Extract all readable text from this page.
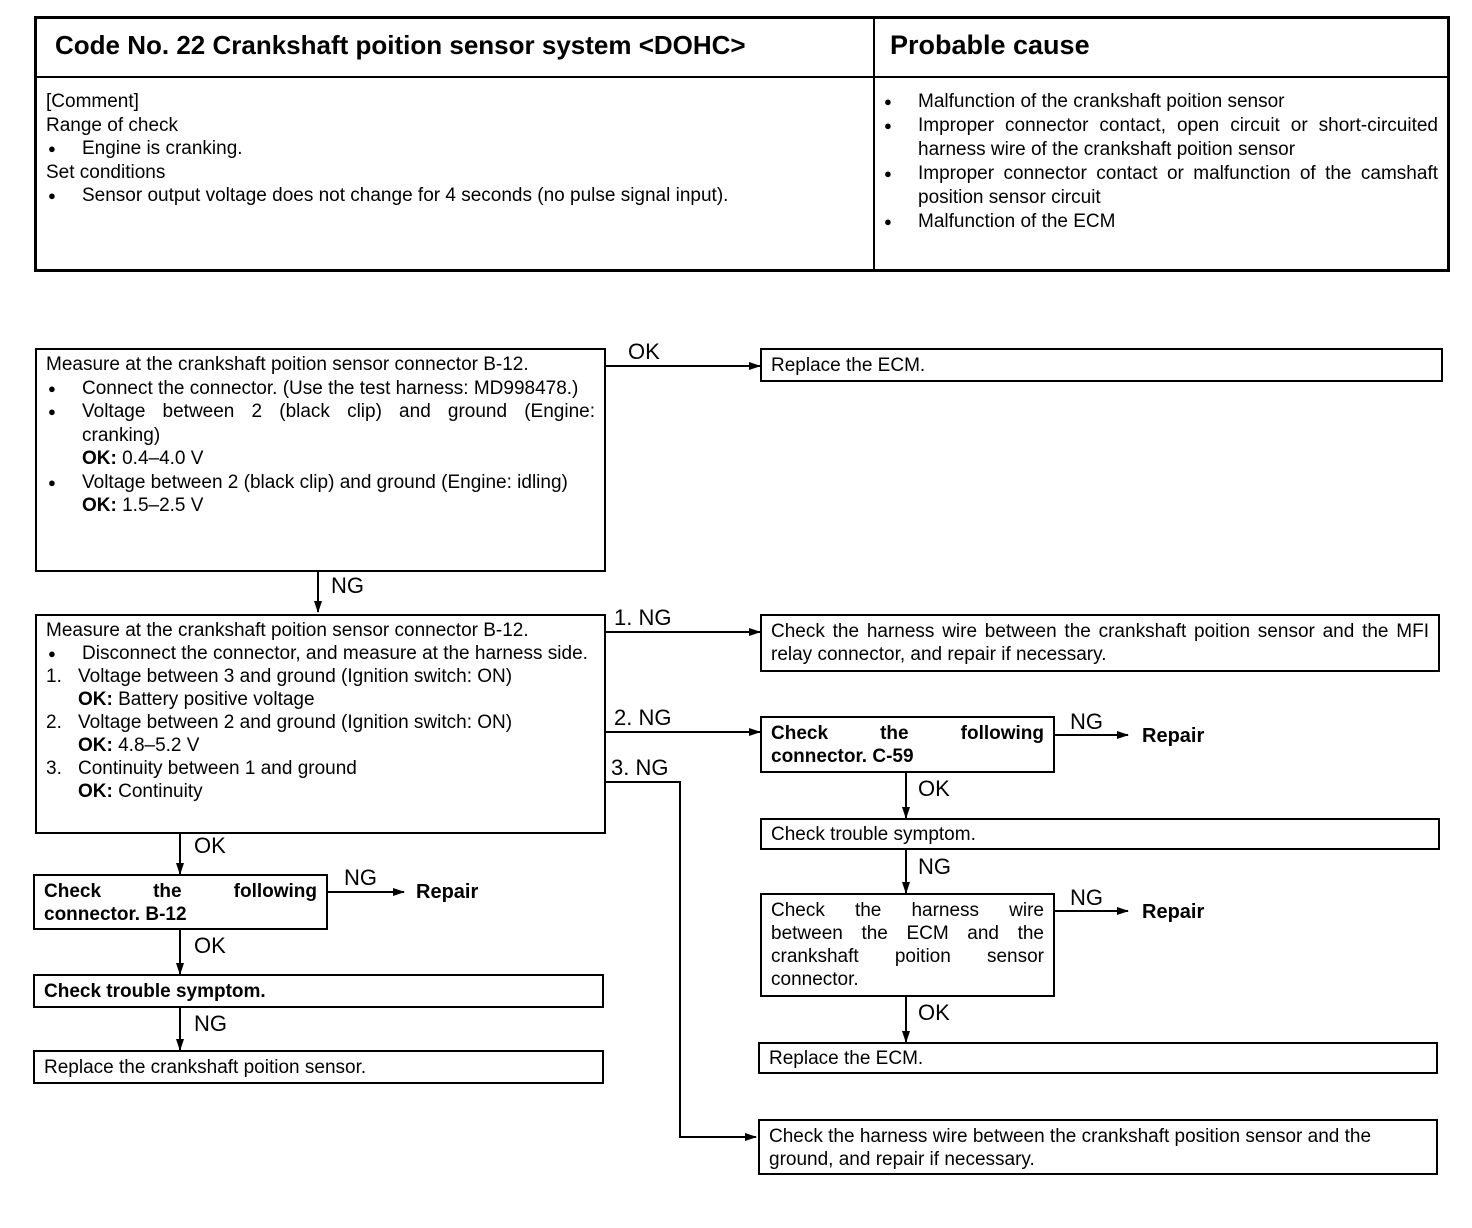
Code No. 22 Crankshaft poition sensor system <DOHC>	Probable cause
[Comment]
Range of check
● Engine is cranking.
Set conditions
● Sensor output voltage does not change for 4 seconds (no pulse signal input).
● Malfunction of the crankshaft poition sensor
● Improper connector contact, open circuit or short-circuited harness wire of the crankshaft poition sensor
● Improper connector contact or malfunction of the camshaft position sensor circuit
● Malfunction of the ECM
Measure at the crankshaft poition sensor connector B-12.
● Connect the connector. (Use the test harness: MD998478.)
● Voltage between 2 (black clip) and ground (Engine: cranking)
OK: 0.4–4.0 V
● Voltage between 2 (black clip) and ground (Engine: idling)
OK: 1.5–2.5 V
Measure at the crankshaft poition sensor connector B-12.
● Disconnect the connector, and measure at the harness side.
1. Voltage between 3 and ground (Ignition switch: ON)
OK: Battery positive voltage
2. Voltage between 2 and ground (Ignition switch: ON)
OK: 4.8–5.2 V
3. Continuity between 1 and ground
OK: Continuity
Check the following connector. B-12
Check trouble symptom.
Replace the crankshaft poition sensor.
Replace the ECM.
Check the harness wire between the crankshaft poition sensor and the MFI relay connector, and repair if necessary.
Check the following connector. C-59
Check trouble symptom.
Check the harness wire between the ECM and the crankshaft poition sensor connector.
Replace the ECM.
Check the harness wire between the crankshaft position sensor and the ground, and repair if necessary.
OK
NG
1. NG
2. NG
3. NG
OK
NG
Repair
OK
NG
NG
Repair
OK
NG
NG
Repair
OK
